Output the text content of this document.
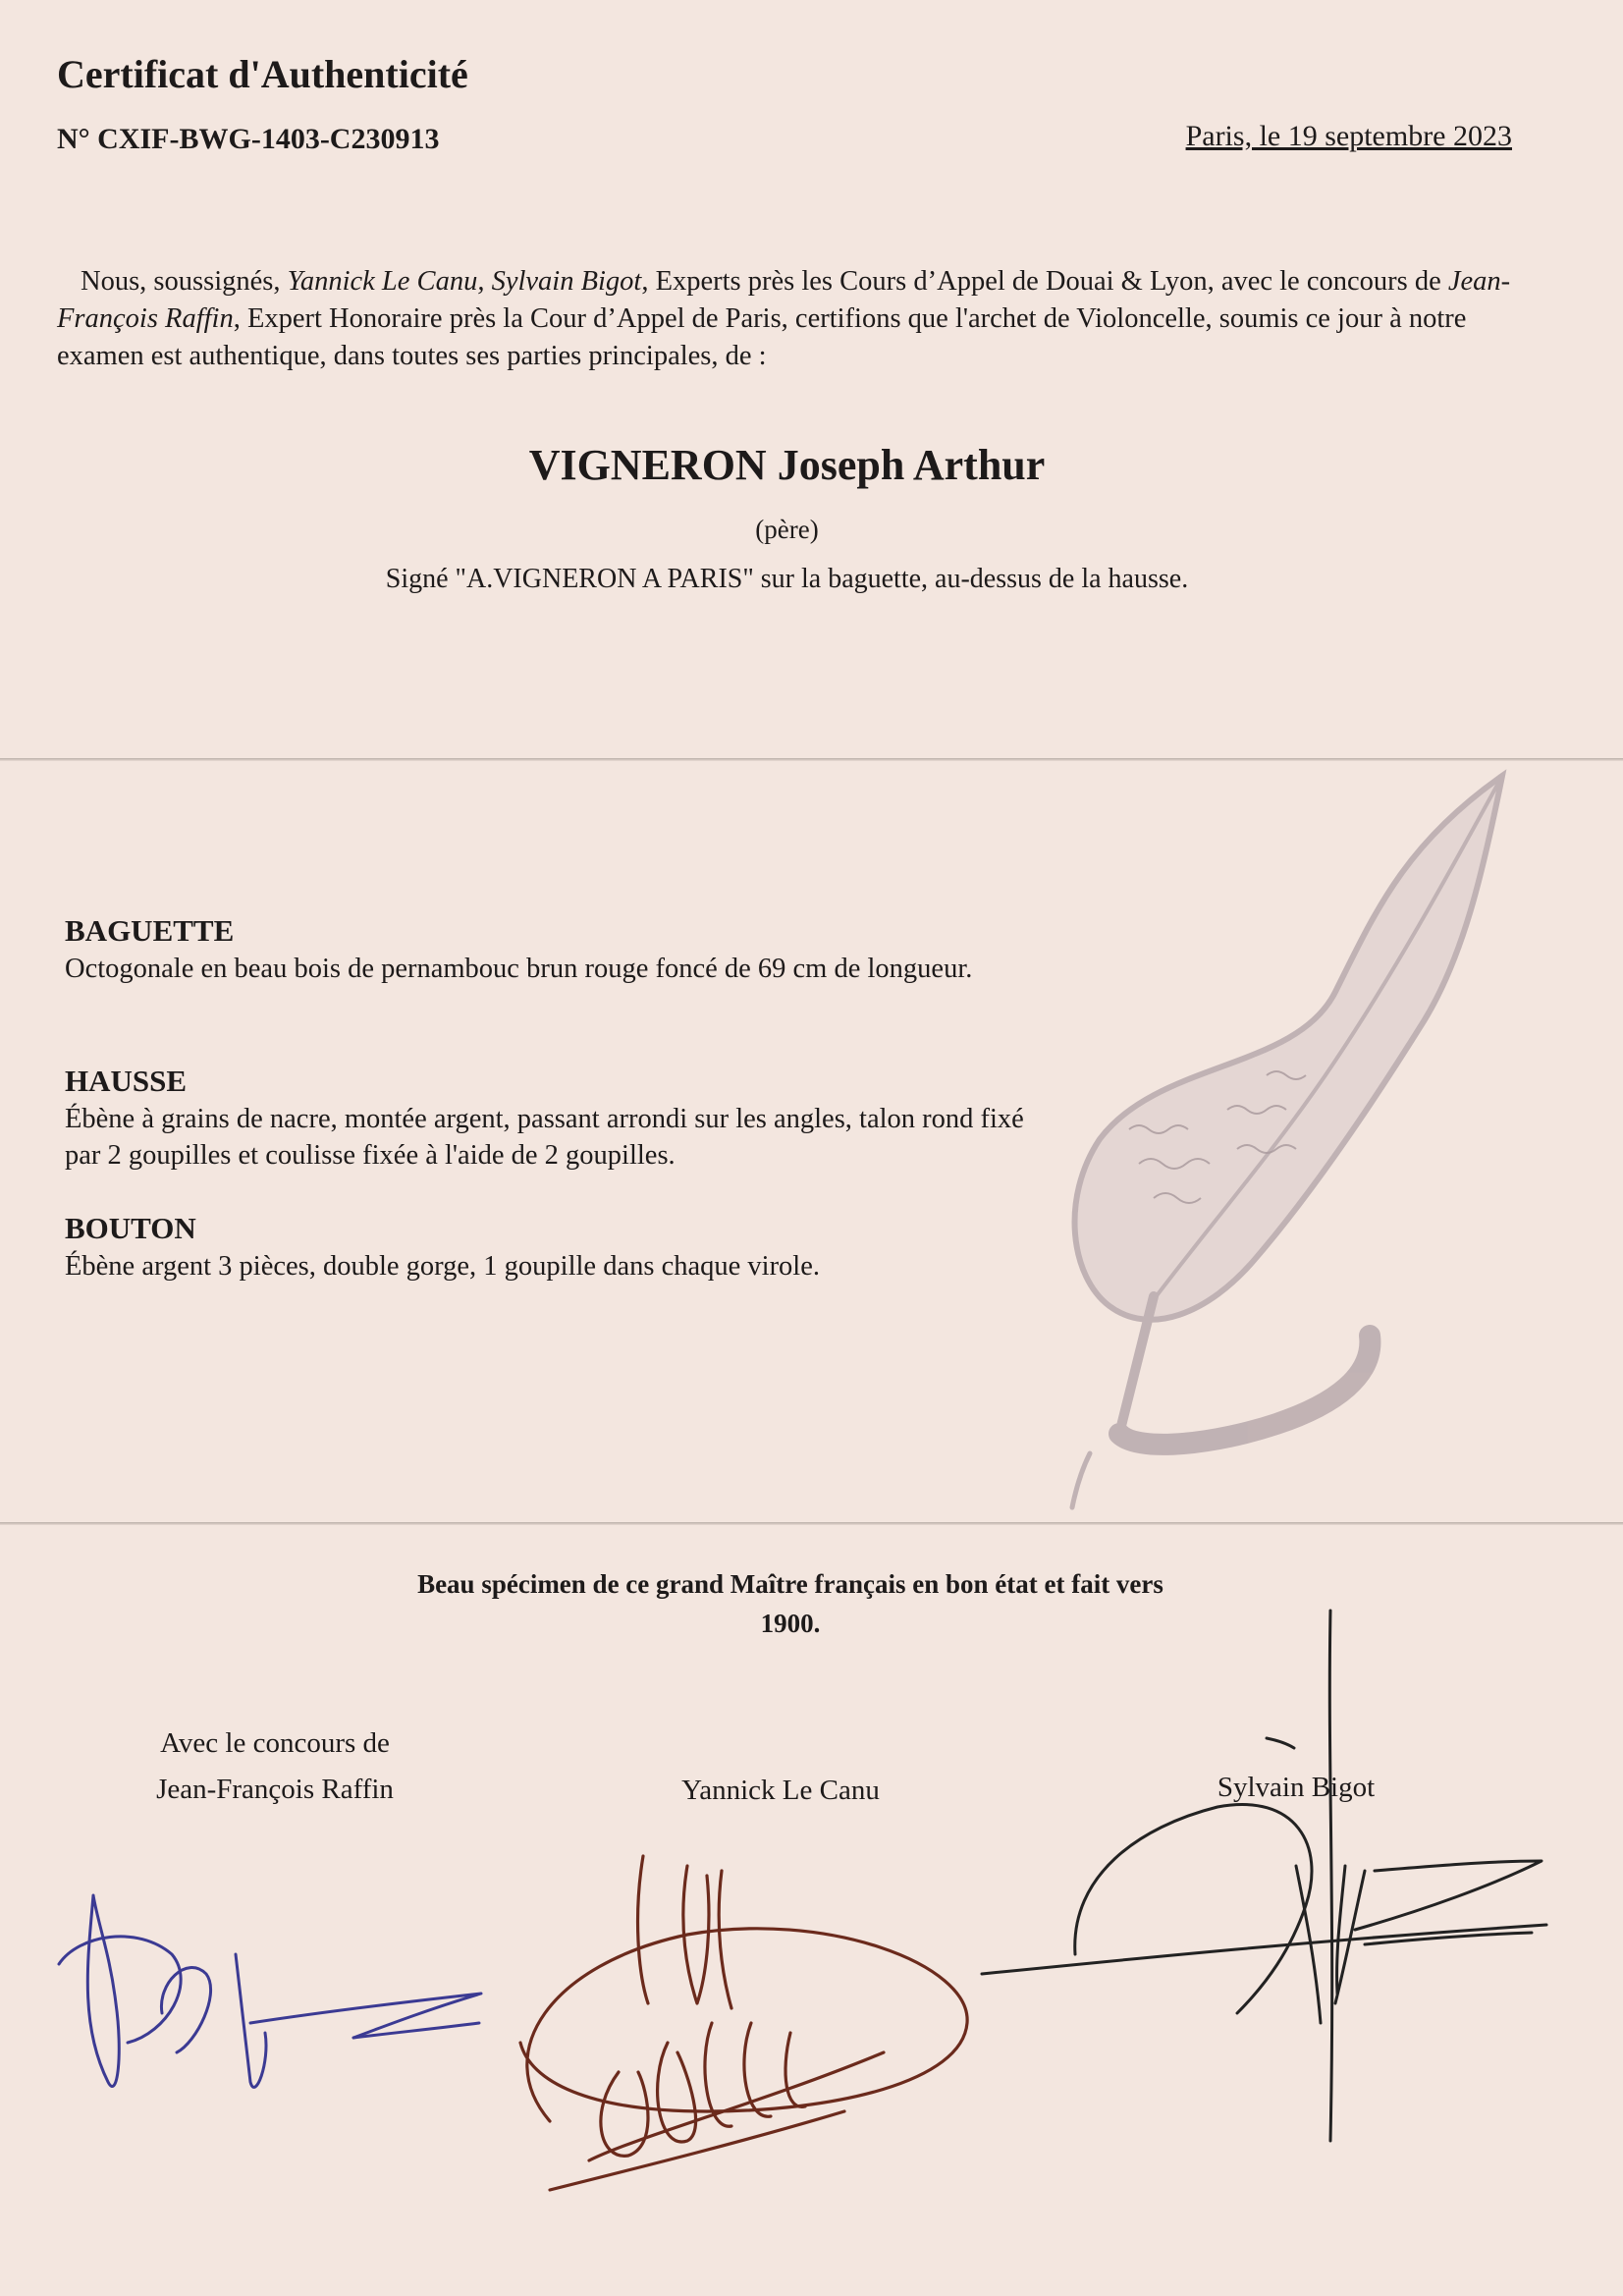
Certificat d'Authenticité
N° CXIF-BWG-1403-C230913	Paris, le 19 septembre 2023
Nous, soussignés, Yannick Le Canu, Sylvain Bigot, Experts près les Cours d’Appel de Douai & Lyon, avec le concours de Jean-François Raffin, Expert Honoraire près la Cour d’Appel de Paris, certifions que l'archet de Violoncelle, soumis ce jour à notre examen est authentique, dans toutes ses parties principales, de :
VIGNERON Joseph Arthur
(père)
Signé "A.VIGNERON A PARIS" sur la baguette, au-dessus de la hausse.
BAGUETTE
Octogonale en beau bois de pernambouc brun rouge foncé de 69 cm de longueur.
HAUSSE
Ébène à grains de nacre, montée argent, passant arrondi sur les angles, talon rond fixé par 2 goupilles et coulisse fixée à l'aide de 2 goupilles.
BOUTON
Ébène argent 3 pièces, double gorge, 1 goupille dans chaque virole.
Beau spécimen de ce grand Maître français en bon état et fait vers
1900.
Avec le concours de
Jean-François Raffin	Yannick Le Canu	Sylvain Bigot
